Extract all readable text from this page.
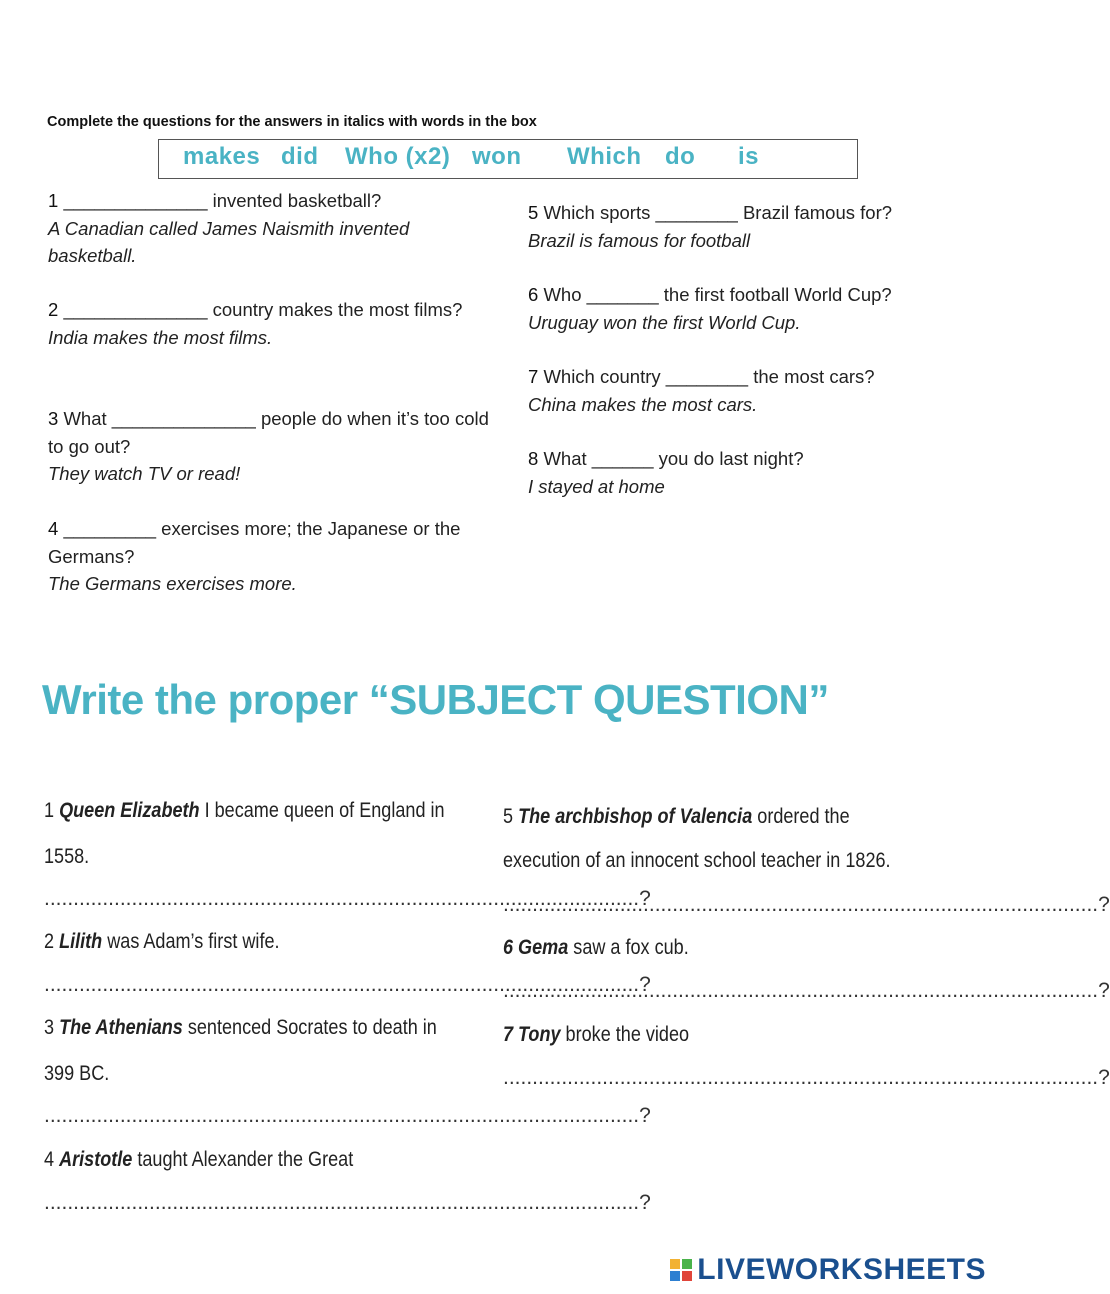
Complete the questions for the answers in italics with words in the box
makes did Who (x2) won Which do is
1 ______________ invented basketball?
A Canadian called James Naismith invented basketball.
2 ______________ country makes the most films?
India makes the most films.
3 What ______________ people do when it’s too cold to go out?
They watch TV or read!
4 _________ exercises more; the Japanese or the Germans?
The Germans exercises more.
5 Which sports ________ Brazil famous for?
Brazil is famous for football
6 Who _______ the first football World Cup?
Uruguay won the first World Cup.
7 Which country ________ the most cars?
China makes the most cars.
8 What ______ you do last night?
I stayed at home
Write the proper “SUBJECT QUESTION”
1 Queen Elizabeth I became queen of England in
1558.
......................................................................................................?
2 Lilith was Adam’s first wife.
......................................................................................................?
3 The Athenians sentenced Socrates to death in
399 BC.
......................................................................................................?
4 Aristotle taught Alexander the Great
......................................................................................................?
5 The archbishop of Valencia ordered the
execution of an innocent school teacher in 1826.
......................................................................................................?
6 Gema saw a fox cub.
......................................................................................................?
7 Tony broke the video
......................................................................................................?

LIVEWORKSHEETS
